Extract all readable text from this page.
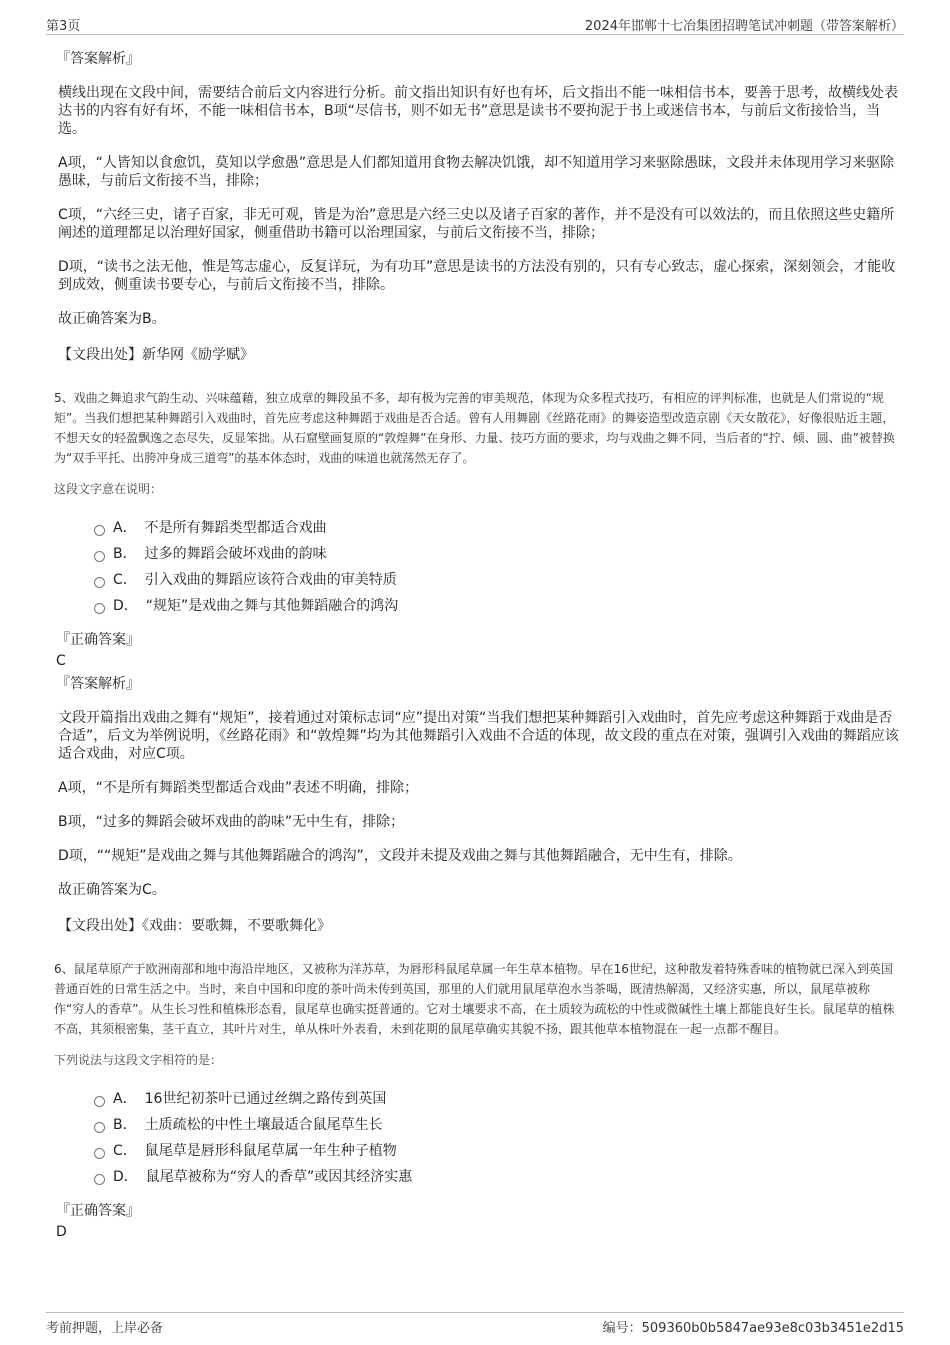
第3页	2024年邯郸十七冶集团招聘笔试冲刺题（带答案解析）
『答案解析』
横线出现在文段中间，需要结合前后文内容进行分析。前文指出知识有好也有坏，后文指出不能一味相信书本，要善于思考，故横线处表达书的内容有好有坏，不能一味相信书本，B项“尽信书，则不如无书”意思是读书不要拘泥于书上或迷信书本，与前后文衔接恰当，当选。
A项，“人皆知以食愈饥，莫知以学愈愚”意思是人们都知道用食物去解决饥饿，却不知道用学习来驱除愚昧，文段并未体现用学习来驱除愚昧，与前后文衔接不当，排除；
C项，“六经三史，诸子百家，非无可观，皆是为治”意思是六经三史以及诸子百家的著作，并不是没有可以效法的，而且依照这些史籍所阐述的道理都足以治理好国家，侧重借助书籍可以治理国家，与前后文衔接不当，排除；
D项，“读书之法无他，惟是笃志虚心，反复详玩，为有功耳”意思是读书的方法没有别的，只有专心致志，虚心探索，深刻领会，才能收到成效，侧重读书要专心，与前后文衔接不当，排除。
故正确答案为B。
【文段出处】新华网《励学赋》
5、戏曲之舞追求气韵生动、兴味蕴藉，独立成章的舞段虽不多，却有极为完善的审美规范，体现为众多程式技巧，有相应的评判标准，也就是人们常说的“规矩”。当我们想把某种舞蹈引入戏曲时，首先应考虑这种舞蹈于戏曲是否合适。曾有人用舞剧《丝路花雨》的舞姿造型改造京剧《天女散花》，好像很贴近主题，不想天女的轻盈飘逸之态尽失，反显笨拙。从石窟壁画复原的“敦煌舞”在身形、力量、技巧方面的要求，均与戏曲之舞不同，当后者的“拧、倾、圆、曲”被替换为“双手平托、出胯冲身成三道弯”的基本体态时，戏曲的味道也就荡然无存了。
这段文字意在说明：
A． 不是所有舞蹈类型都适合戏曲
B． 过多的舞蹈会破坏戏曲的韵味
C． 引入戏曲的舞蹈应该符合戏曲的审美特质
D． “规矩”是戏曲之舞与其他舞蹈融合的鸿沟
『正确答案』
C
『答案解析』
文段开篇指出戏曲之舞有“规矩”，接着通过对策标志词“应”提出对策“当我们想把某种舞蹈引入戏曲时，首先应考虑这种舞蹈于戏曲是否合适”，后文为举例说明，《丝路花雨》和“敦煌舞”均为其他舞蹈引入戏曲不合适的体现，故文段的重点在对策，强调引入戏曲的舞蹈应该适合戏曲，对应C项。
A项，“不是所有舞蹈类型都适合戏曲”表述不明确，排除；
B项，“过多的舞蹈会破坏戏曲的韵味”无中生有，排除；
D项，““规矩”是戏曲之舞与其他舞蹈融合的鸿沟”，文段并未提及戏曲之舞与其他舞蹈融合，无中生有，排除。
故正确答案为C。
【文段出处】《戏曲：要歌舞，不要歌舞化》
6、鼠尾草原产于欧洲南部和地中海沿岸地区，又被称为洋苏草，为唇形科鼠尾草属一年生草本植物。早在16世纪，这种散发着特殊香味的植物就已深入到英国普通百姓的日常生活之中。当时，来自中国和印度的茶叶尚未传到英国，那里的人们就用鼠尾草泡水当茶喝，既清热解渴，又经济实惠，所以，鼠尾草被称作“穷人的香草”。从生长习性和植株形态看，鼠尾草也确实挺普通的。它对土壤要求不高，在土质较为疏松的中性或微碱性土壤上都能良好生长。鼠尾草的植株不高，其须根密集，茎干直立，其叶片对生，单从株叶外表看，未到花期的鼠尾草确实其貌不扬，跟其他草本植物混在一起一点都不醒目。
下列说法与这段文字相符的是：
A． 16世纪初茶叶已通过丝绸之路传到英国
B． 土质疏松的中性土壤最适合鼠尾草生长
C． 鼠尾草是唇形科鼠尾草属一年生种子植物
D． 鼠尾草被称为“穷人的香草”或因其经济实惠
『正确答案』
D
考前押题，上岸必备	编号：509360b0b5847ae93e8c03b3451e2d15
